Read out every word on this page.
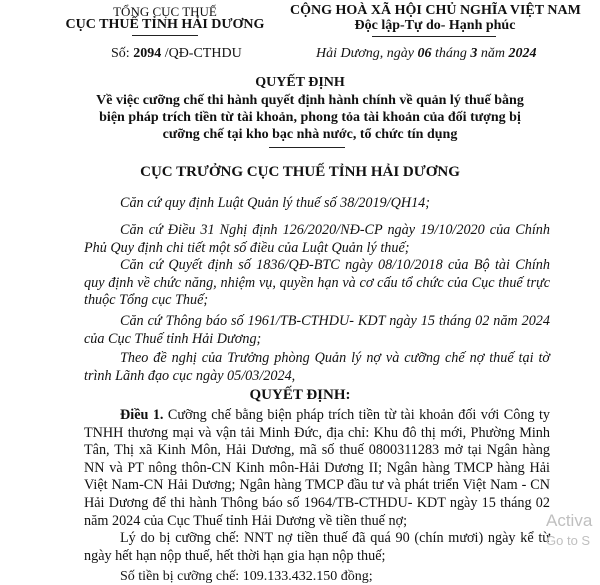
TỔNG CỤC THUẾ
CỤC THUẾ TỈNH HẢI DƯƠNG
CỘNG HOÀ XÃ HỘI CHỦ NGHĨA VIỆT NAM
Độc lập-Tự do- Hạnh phúc
Số: 2094 /QĐ-CTHDU	Hải Dương, ngày 06 tháng 3 năm 2024
QUYẾT ĐỊNH
Về việc cưỡng chế thi hành quyết định hành chính về quản lý thuế bằng
biện pháp trích tiền từ tài khoản, phong tỏa tài khoản của đối tượng bị
cưỡng chế tại kho bạc nhà nước, tổ chức tín dụng
CỤC TRƯỞNG CỤC THUẾ TỈNH HẢI DƯƠNG
Căn cứ quy định Luật Quản lý thuế số 38/2019/QH14;
Căn cứ Điều 31 Nghị định 126/2020/NĐ-CP ngày 19/10/2020 của Chính Phủ Quy định chi tiết một số điều của Luật Quản lý thuế;
Căn cứ Quyết định số 1836/QĐ-BTC ngày 08/10/2018 của Bộ tài Chính quy định về chức năng, nhiệm vụ, quyền hạn và cơ cấu tổ chức của Cục thuế trực thuộc Tổng cục Thuế;
Căn cứ Thông báo số 1961/TB-CTHDU- KDT ngày 15 tháng 02 năm 2024 của Cục Thuế tỉnh Hải Dương;
Theo đề nghị của Trưởng phòng Quản lý nợ và cưỡng chế nợ thuế tại tờ trình Lãnh đạo cục ngày 05/03/2024,
QUYẾT ĐỊNH:
Điều 1. Cưỡng chế bằng biện pháp trích tiền từ tài khoản đối với Công ty TNHH thương mại và vận tải Minh Đức, địa chỉ: Khu đô thị mới, Phường Minh Tân, Thị xã Kinh Môn, Hải Dương, mã số thuế 0800311283 mở tại Ngân hàng NN và PT nông thôn-CN Kinh môn-Hải Dương II; Ngân hàng TMCP hàng Hải Việt Nam-CN Hải Dương; Ngân hàng TMCP đầu tư và phát triển Việt Nam - CN Hải Dương để thi hành Thông báo số 1964/TB-CTHDU- KDT ngày 15 tháng 02 năm 2024 của Cục Thuế tỉnh Hải Dương về tiền thuế nợ;
Lý do bị cưỡng chế: NNT nợ tiền thuế đã quá 90 (chín mươi) ngày kể từ ngày hết hạn nộp thuế, hết thời hạn gia hạn nộp thuế;
Số tiền bị cưỡng chế: 109.133.432.150 đồng;
Activa
Go to S
